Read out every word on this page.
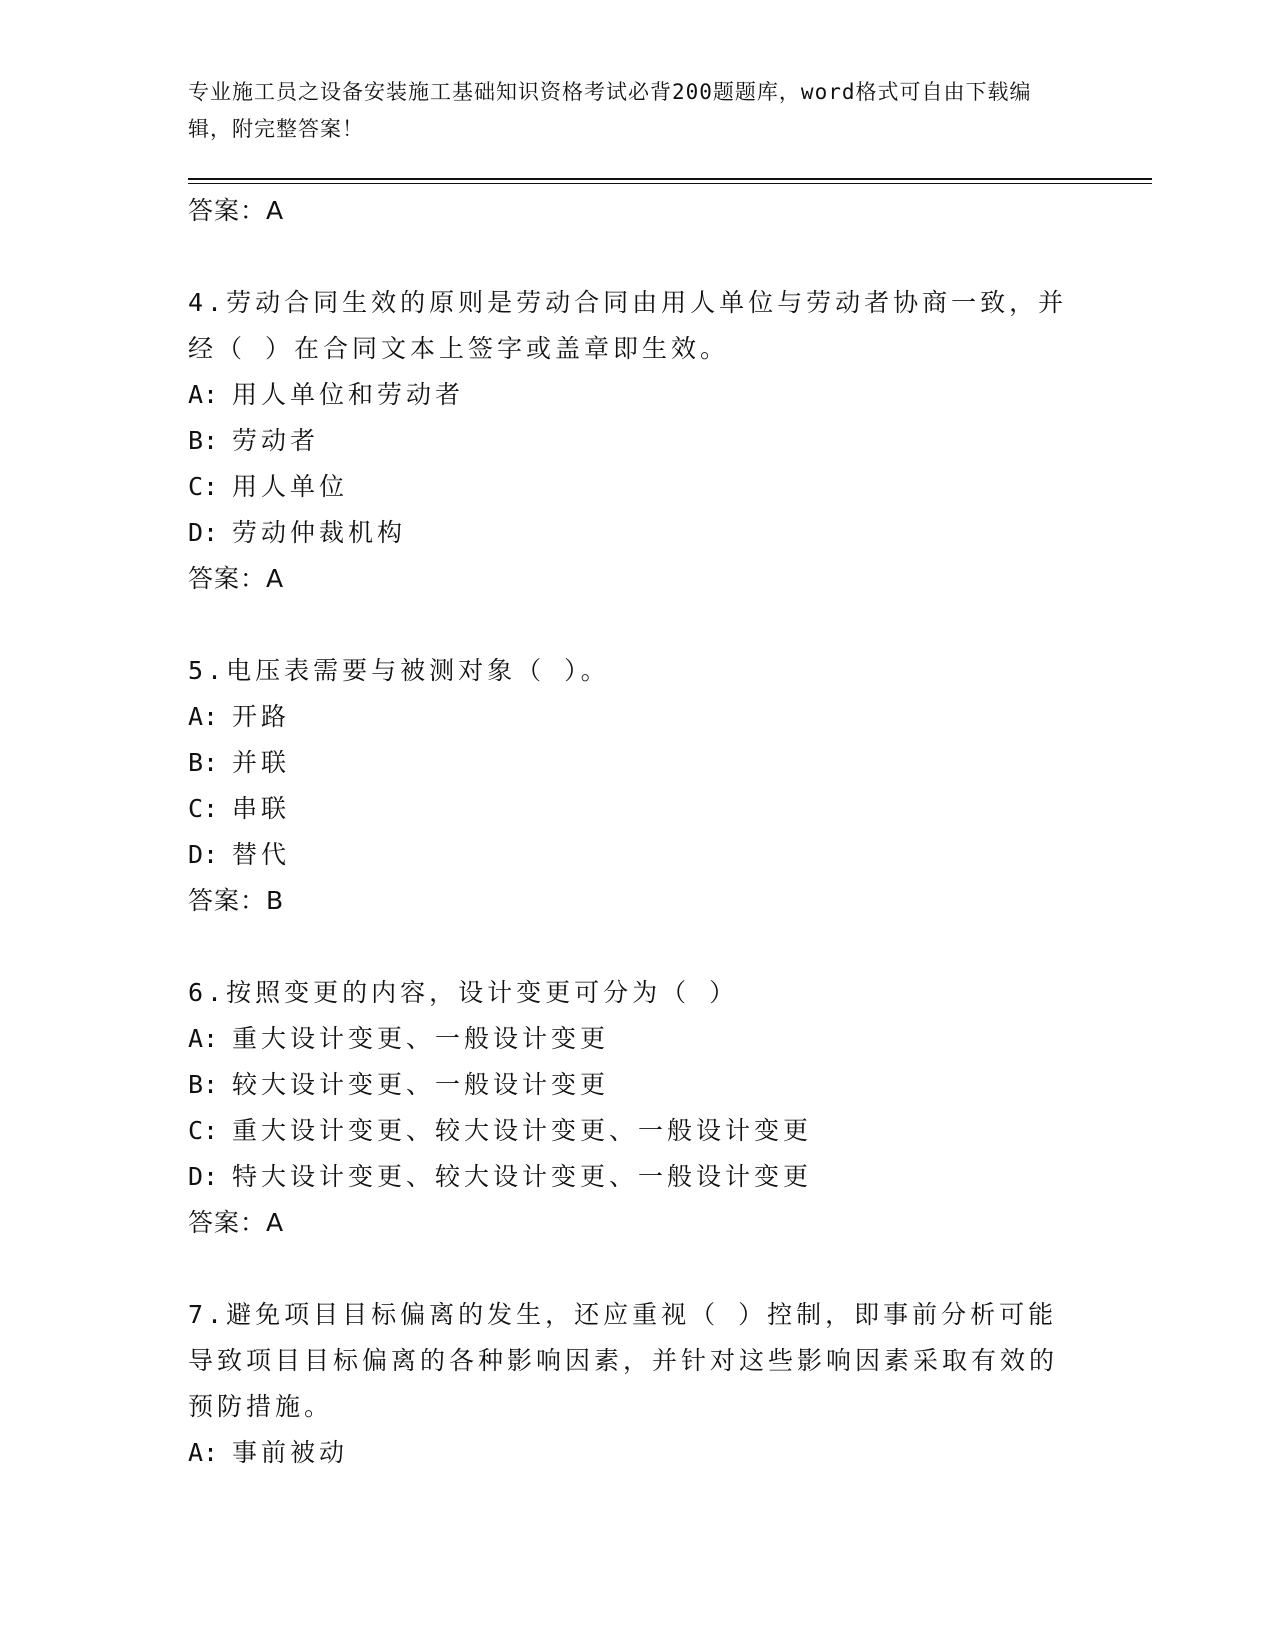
专业施工员之设备安装施工基础知识资格考试必背200题题库，word格式可自由下载编辑，附完整答案！
答案：A
4.劳动合同生效的原则是劳动合同由用人单位与劳动者协商一致，并经（ ）在合同文本上签字或盖章即生效。
A: 用人单位和劳动者
B: 劳动者
C: 用人单位
D: 劳动仲裁机构
答案：A
5.电压表需要与被测对象（ ）。
A: 开路
B: 并联
C: 串联
D: 替代
答案：B
6.按照变更的内容，设计变更可分为（ ）
A: 重大设计变更、一般设计变更
B: 较大设计变更、一般设计变更
C: 重大设计变更、较大设计变更、一般设计变更
D: 特大设计变更、较大设计变更、一般设计变更
答案：A
7.避免项目目标偏离的发生，还应重视（ ）控制，即事前分析可能导致项目目标偏离的各种影响因素，并针对这些影响因素采取有效的预防措施。
A: 事前被动
